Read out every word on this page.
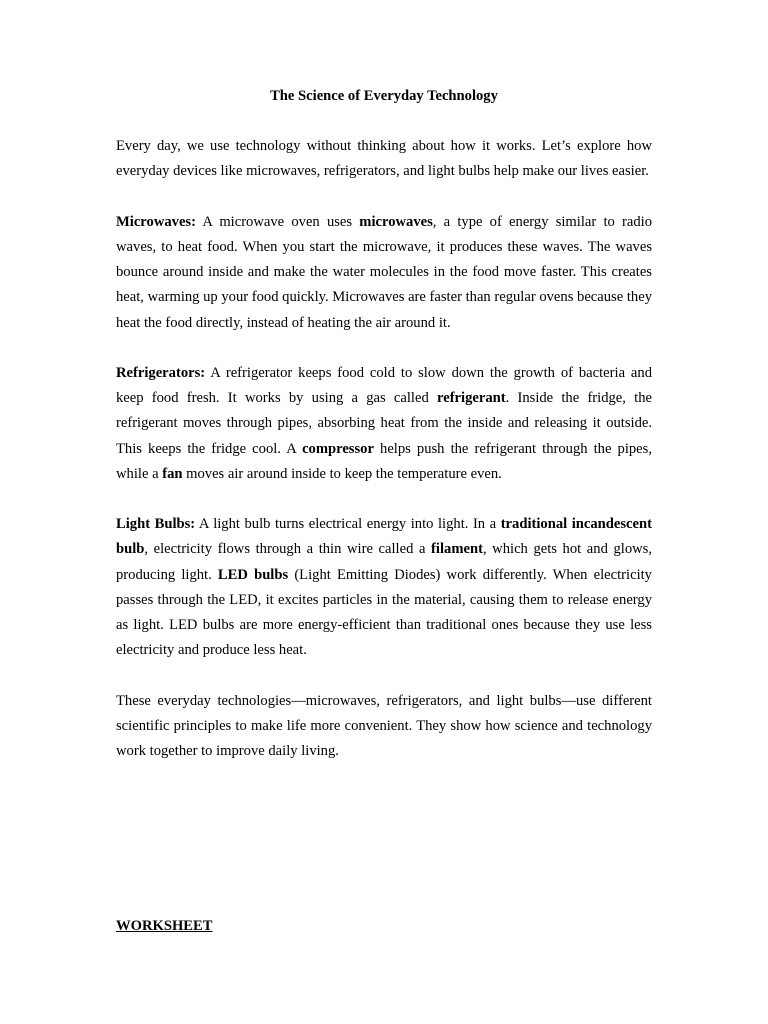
The Science of Everyday Technology

Every day, we use technology without thinking about how it works. Let’s explore how everyday devices like microwaves, refrigerators, and light bulbs help make our lives easier.

Microwaves: A microwave oven uses microwaves, a type of energy similar to radio waves, to heat food. When you start the microwave, it produces these waves. The waves bounce around inside and make the water molecules in the food move faster. This creates heat, warming up your food quickly. Microwaves are faster than regular ovens because they heat the food directly, instead of heating the air around it.

Refrigerators: A refrigerator keeps food cold to slow down the growth of bacteria and keep food fresh. It works by using a gas called refrigerant. Inside the fridge, the refrigerant moves through pipes, absorbing heat from the inside and releasing it outside. This keeps the fridge cool. A compressor helps push the refrigerant through the pipes, while a fan moves air around inside to keep the temperature even.

Light Bulbs: A light bulb turns electrical energy into light. In a traditional incandescent bulb, electricity flows through a thin wire called a filament, which gets hot and glows, producing light. LED bulbs (Light Emitting Diodes) work differently. When electricity passes through the LED, it excites particles in the material, causing them to release energy as light. LED bulbs are more energy-efficient than traditional ones because they use less electricity and produce less heat.

These everyday technologies—microwaves, refrigerators, and light bulbs—use different scientific principles to make life more convenient. They show how science and technology work together to improve daily living.

WORKSHEET
